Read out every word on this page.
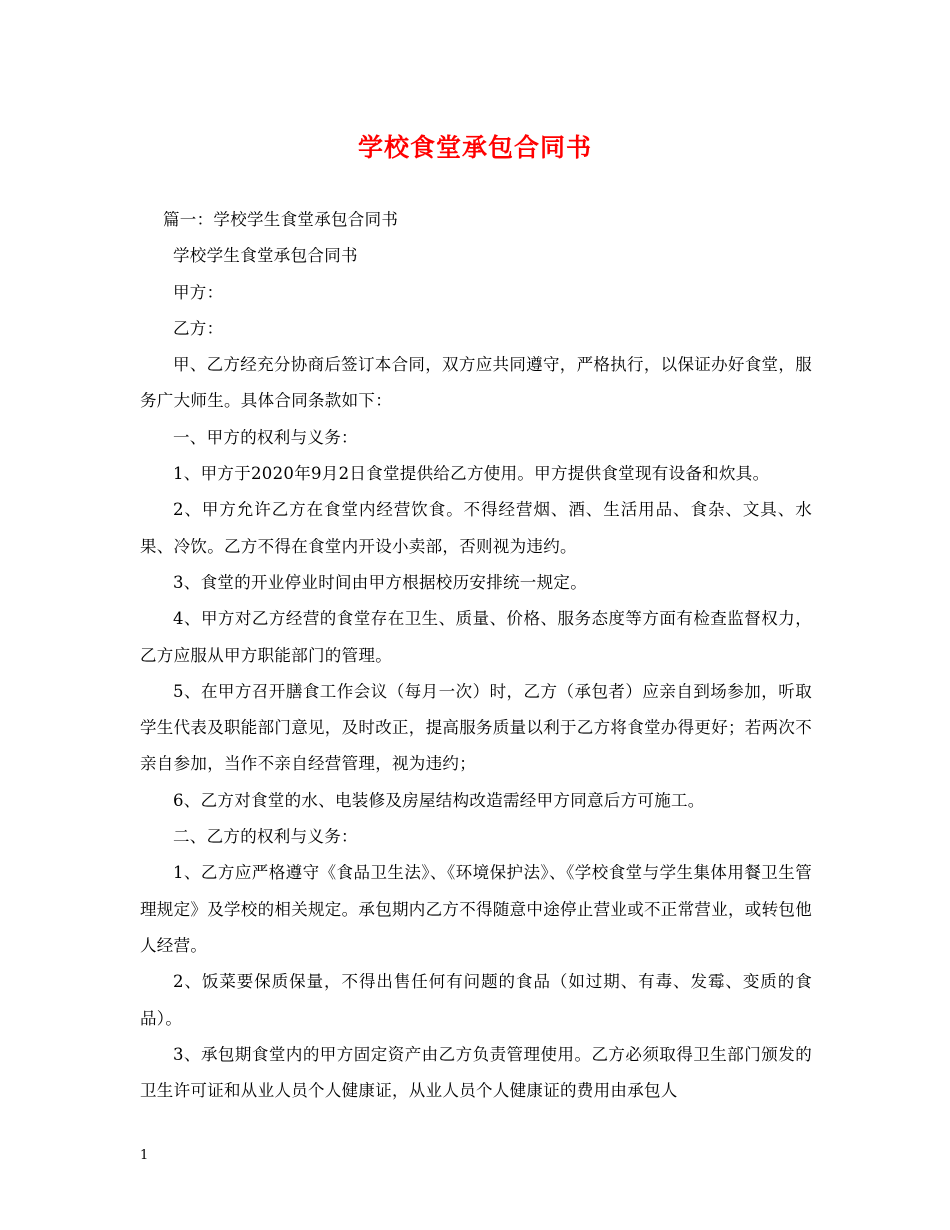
学校食堂承包合同书

篇一：学校学生食堂承包合同书

学校学生食堂承包合同书

甲方：

乙方：

甲、乙方经充分协商后签订本合同，双方应共同遵守，严格执行，以保证办好食堂，服务广大师生。具体合同条款如下：

一、甲方的权利与义务：

1、甲方于2020年9月2日食堂提供给乙方使用。甲方提供食堂现有设备和炊具。

2、甲方允许乙方在食堂内经营饮食。不得经营烟、酒、生活用品、食杂、文具、水果、冷饮。乙方不得在食堂内开设小卖部，否则视为违约。

3、食堂的开业停业时间由甲方根据校历安排统一规定。

4、甲方对乙方经营的食堂存在卫生、质量、价格、服务态度等方面有检查监督权力，乙方应服从甲方职能部门的管理。

5、在甲方召开膳食工作会议（每月一次）时，乙方（承包者）应亲自到场参加，听取学生代表及职能部门意见，及时改正，提高服务质量以利于乙方将食堂办得更好；若两次不亲自参加，当作不亲自经营管理，视为违约；

6、乙方对食堂的水、电装修及房屋结构改造需经甲方同意后方可施工。

二、乙方的权利与义务：

1、乙方应严格遵守《食品卫生法》、《环境保护法》、《学校食堂与学生集体用餐卫生管理规定》及学校的相关规定。承包期内乙方不得随意中途停止营业或不正常营业，或转包他人经营。

2、饭菜要保质保量，不得出售任何有问题的食品（如过期、有毒、发霉、变质的食品）。

3、承包期食堂内的甲方固定资产由乙方负责管理使用。乙方必须取得卫生部门颁发的卫生许可证和从业人员个人健康证，从业人员个人健康证的费用由承包人

1
